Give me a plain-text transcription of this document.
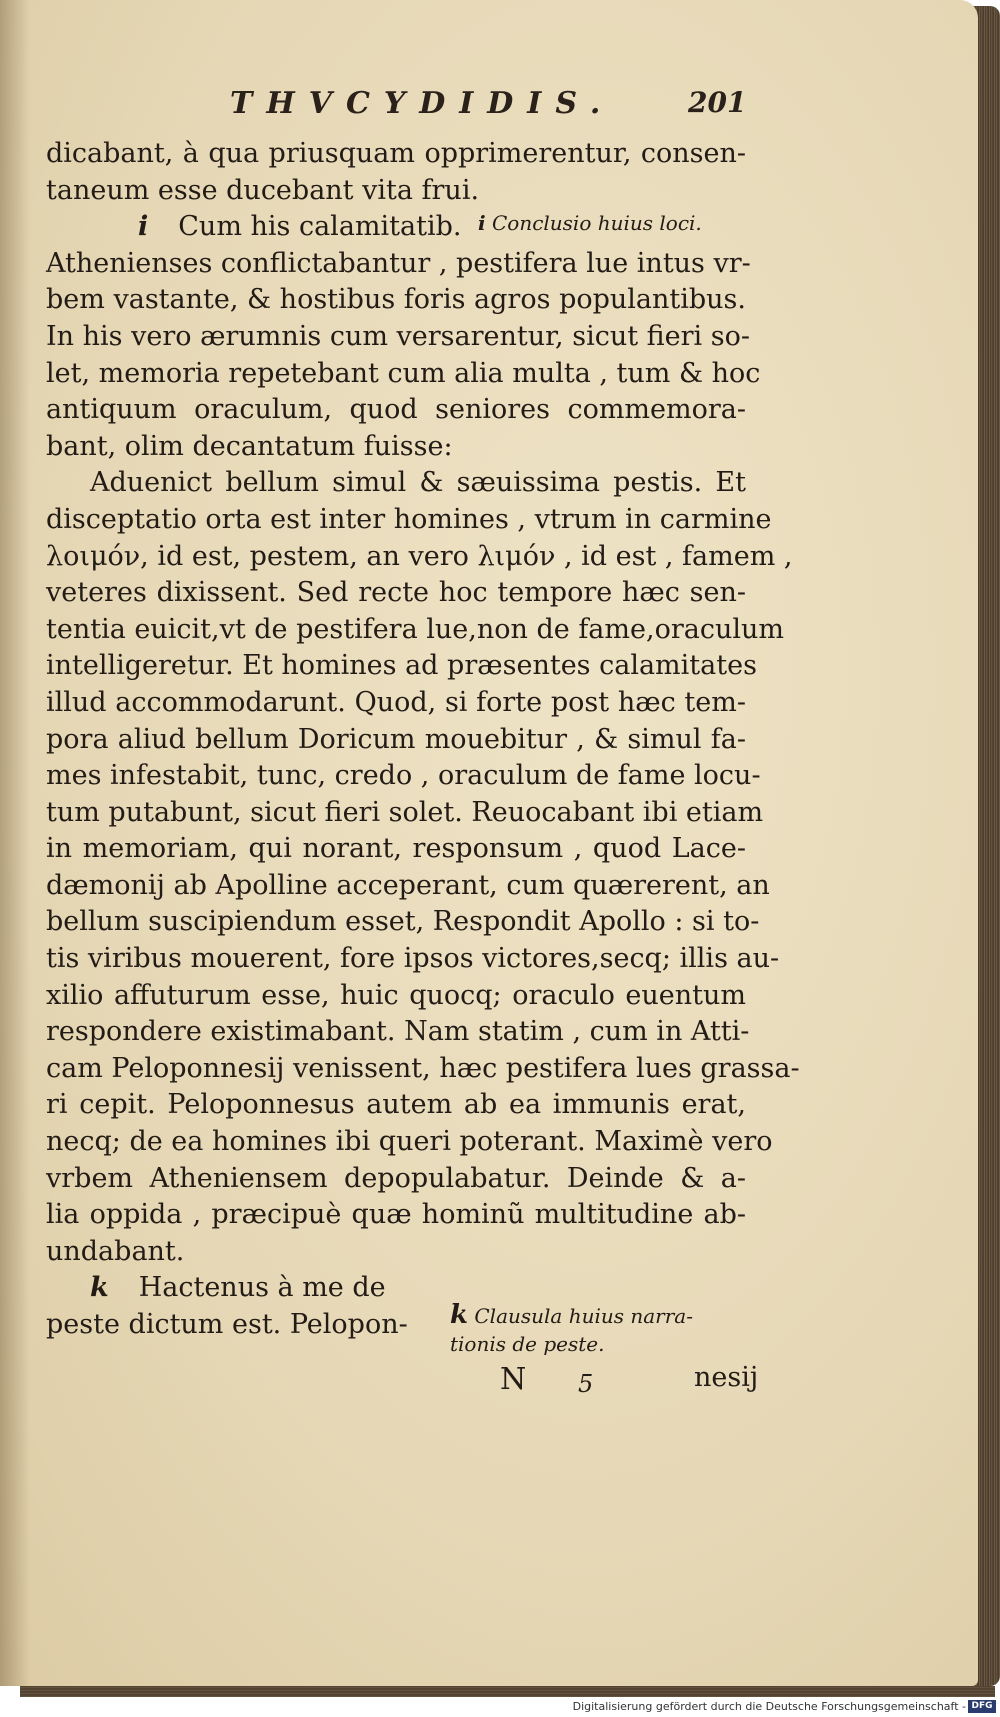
THVCYDIDIS.	201
dicabant, à qua priusquam opprimerentur, consen-
taneum esse ducebant vita frui.
i Cum his calamitatib.
Athenienses conflictabantur , pestifera lue intus vr-
bem vastante, & hostibus foris agros populantibus.
In his vero ærumnis cum versarentur, sicut fieri so-
let, memoria repetebant cum alia multa , tum & hoc
antiquum oraculum, quod seniores commemora-
bant, olim decantatum fuisse:
Aduenict bellum simul & sæuissima pestis. Et
disceptatio orta est inter homines , vtrum in carmine
λοιμόν, id est, pestem, an vero λιμόν , id est , famem ,
veteres dixissent. Sed recte hoc tempore hæc sen-
tentia euicit,vt de pestifera lue,non de fame,oraculum
intelligeretur. Et homines ad præsentes calamitates
illud accommodarunt. Quod, si forte post hæc tem-
pora aliud bellum Doricum mouebitur , & simul fa-
mes infestabit, tunc, credo , oraculum de fame locu-
tum putabunt, sicut fieri solet. Reuocabant ibi etiam
in memoriam, qui norant, responsum , quod Lace-
dæmonij ab Apolline acceperant, cum quærerent, an
bellum suscipiendum esset, Respondit Apollo : si to-
tis viribus mouerent, fore ipsos victores,secq; illis au-
xilio affuturum esse, huic quocq; oraculo euentum
respondere existimabant. Nam statim , cum in Atti-
cam Peloponnesij venissent, hæc pestifera lues grassa-
ri cepit. Peloponnesus autem ab ea immunis erat,
necq; de ea homines ibi queri poterant. Maximè vero
vrbem Atheniensem depopulabatur. Deinde & a-
lia oppida , præcipuè quæ hominũ multitudine ab-
undabant.
k Hactenus à me de
peste dictum est. Pelopon-
i Conclusio huius loci.
k Clausula huius narra-
tionis de peste.
N 5	nesij
Digitalisierung gefördert durch die Deutsche Forschungsgemeinschaft - DFG
